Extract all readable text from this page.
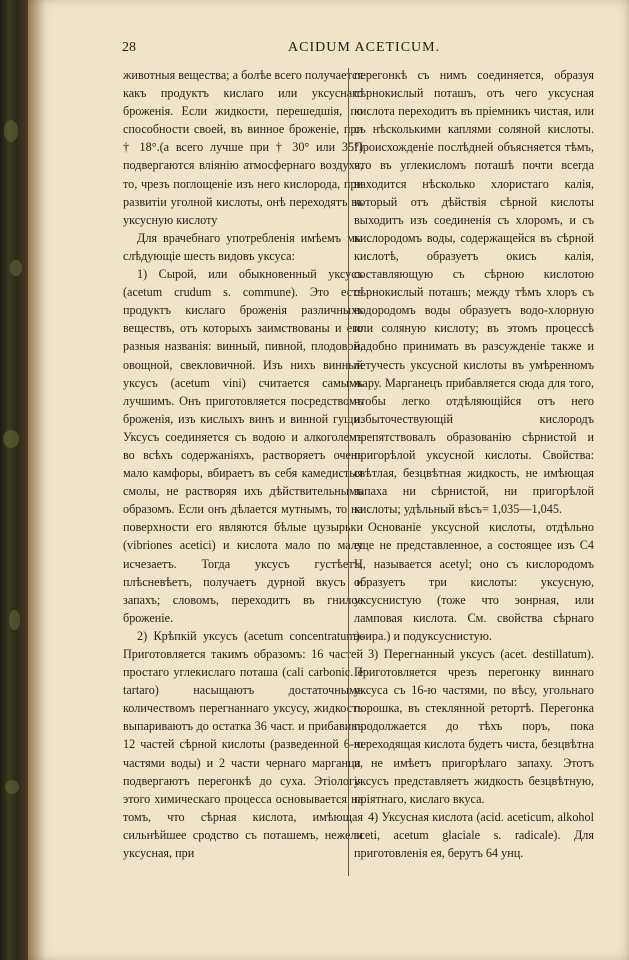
28	ACIDUM ACETICUM.

животныя вещества; а болѣе всего получается какъ продуктъ кислаго или уксуснаго броженія. Если жидкости, перешедшія, по способности своей, въ винное броженіе, при † 18°.(а всего лучше при † 30° или 35°) подвергаются вліянію атмосфернаго воздуха, то, чрезъ поглощеніе изъ него кислорода, при развитіи уголной кислоты, онѣ переходятъ въ уксусную кислоту

Для врачебнаго употребленія имѣемъ мы слѣдующіе шесть видовъ уксуса:

1) Сырой, или обыкновенный уксусъ (acetum crudum s. commune). Это есть продуктъ кислаго броженія различныхъ веществъ, отъ которыхъ заимствованы и его разныя названія: винный, пивной, плодовой, овощной, свекловичной. Изъ нихъ винный уксусъ (acetum vini) считается самымъ лучшимъ. Онъ приготовляется посредствомъ броженія, изъ кислыхъ винъ и винной гущи. Уксусъ соединяется съ водою и алкоголемъ во всѣхъ содержаніяхъ, растворяетъ очень мало камфоры, вбираетъ въ себя камедистыя смолы, не растворяя ихъ дѣйствительнымъ образомъ. Если онъ дѣлается мутнымъ, то на поверхности его являются бѣлые цузырьки (vibriones aceticі) и кислота мало по малу исчезаетъ. Тогда уксусъ густѣетъ, плѣсневѣетъ, получаетъ дурной вкусъ и запахъ; словомъ, переходитъ въ гнилое броженіе.

2) Крѣпкій уксусъ (acetum concentratum). Приготовляется такимъ образомъ: 16 частей простаго углекислаго поташа (cali carbonic. e tartaro) насыщаютъ достаточнымъ количествомъ перегнаннаго уксусу, жидкость выпариваютъ до остатка 36 част. и прибавивъ 12 частей сѣрной кислоты (разведенной 6-ю частями воды) и 2 части чернаго марганца, подвергаютъ перегонкѣ до суха. Этіологія этого химическаго процесса основывается на томъ, что сѣрная кислота, имѣющая сильнѣйшее сродство съ поташемъ, нежели уксусная, при

перегонкѣ съ нимъ соединяется, образуя сѣрнокислый поташъ, отъ чего уксусная кислота переходитъ въ пріемникъ чистая, или съ нѣсколькими каплями соляной кислоты. Происхожденіе послѣдней объясняется тѣмъ, что въ углекисломъ поташѣ почти всегда находится нѣсколько хлористаго калія, который отъ дѣйствія сѣрной кислоты выходитъ изъ соединенія съ хлоромъ, и съ кислородомъ воды, содержащейся въ сѣрной кислотѣ, образуетъ окисъ калія, составляющую съ сѣрною кислотою сѣрнокислый поташъ; между тѣмъ хлоръ съ водородомъ воды образуетъ водо-хлорную или соляную кислоту; въ этомъ процессѣ надобно принимать въ разсужденіе также и летучесть уксусной кислоты въ умѣренномъ жару. Марганецъ прибавляется сюда для того, чтобы легко отдѣляющійся отъ него избыточествующій кислородъ препятствовалъ образованію сѣрнистой и пригорѣлой уксусной кислоты. Свойства: свѣтлая, безцвѣтная жидкость, не имѣющая запаха ни сѣрнистой, ни пригорѣлой кислоты; удѣльный вѣсъ= 1,035—1,045.

Основаніе уксусной кислоты, отдѣльно еще не представленное, а состоящее изъ C4 H, называется acetyl; оно съ кислородомъ образуетъ три кислоты: уксусную, уксуснистую (тоже что эонрная, или ламповая кислота. См. свойства сѣрнаго эѳира.) и подуксуснистую.

3) Перегнанный уксусъ (acet. destillatum). Приготовляется чрезъ перегонку виннаго уксуса съ 16-ю частями, по вѣсу, угольнаго порошка, въ стеклянной ретортѣ. Перегонка продолжается до тѣхъ поръ, пока переходящая кислота будетъ чиста, безцвѣтна и не имѣетъ пригорѣлаго запаху. Этотъ уксусъ представляетъ жидкость безцвѣтную, пріятнаго, кислаго вкуса.

4) Уксусная кислота (acid. aceticum, alkohol aceti, acetum glaciale s. radicale). Для приготовленія ея, берутъ 64 унц.
